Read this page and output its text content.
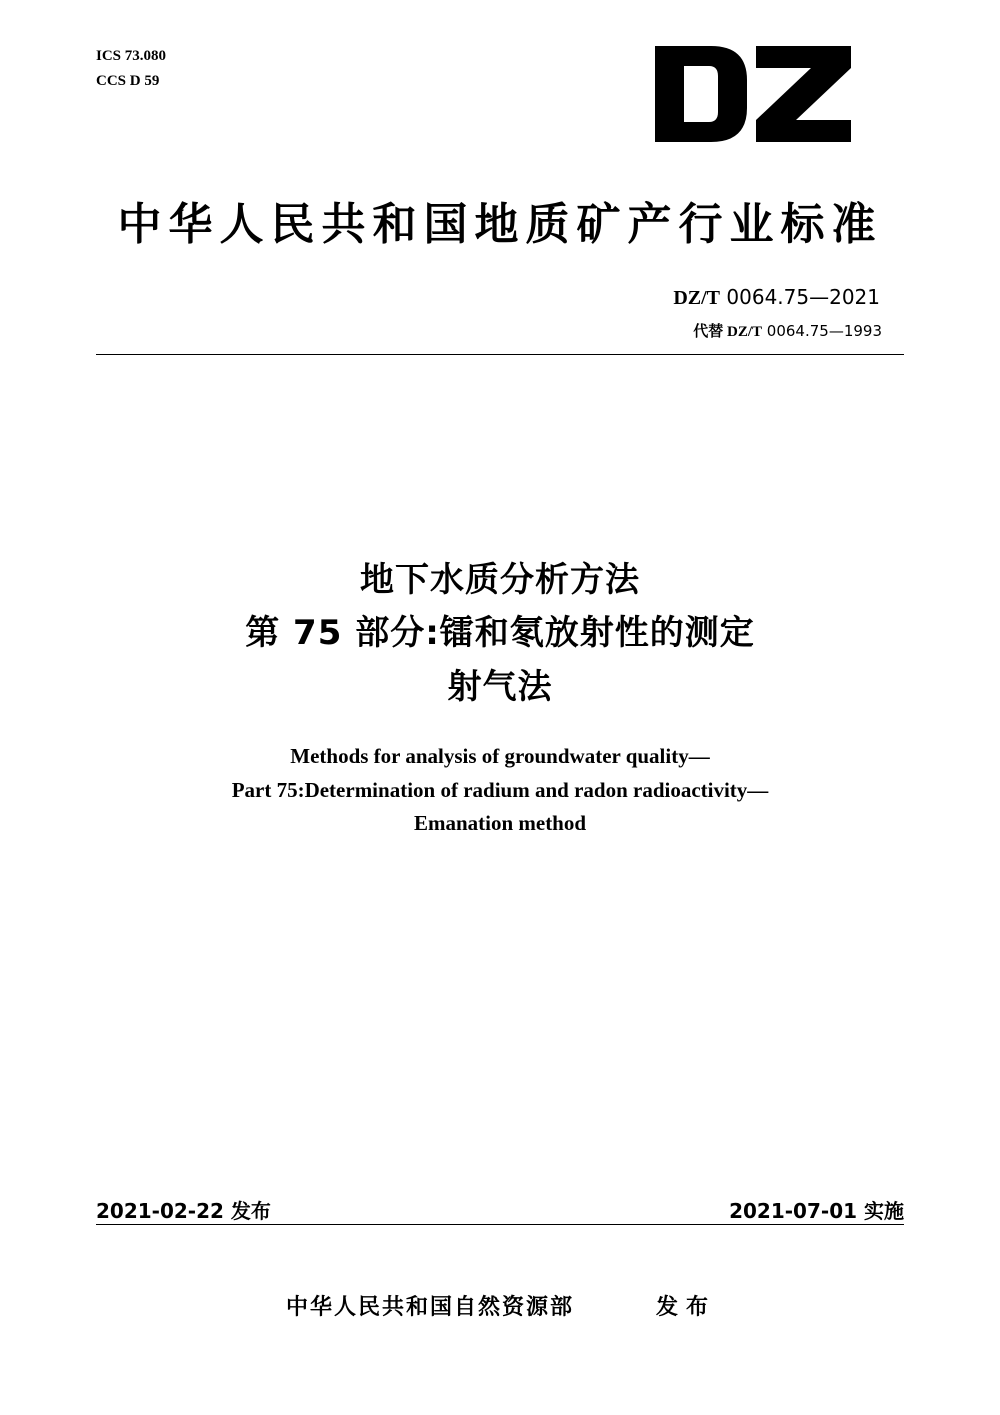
ICS 73.080
CCS D 59
中华人民共和国地质矿产行业标准
DZ/T 0064.75—2021
代替 DZ/T 0064.75—1993
地下水质分析方法
第 75 部分:镭和氡放射性的测定
射气法
Methods for analysis of groundwater quality—
Part 75:Determination of radium and radon radioactivity—
Emanation method
2021-02-22 发布	2021-07-01 实施
中华人民共和国自然资源部	发布
